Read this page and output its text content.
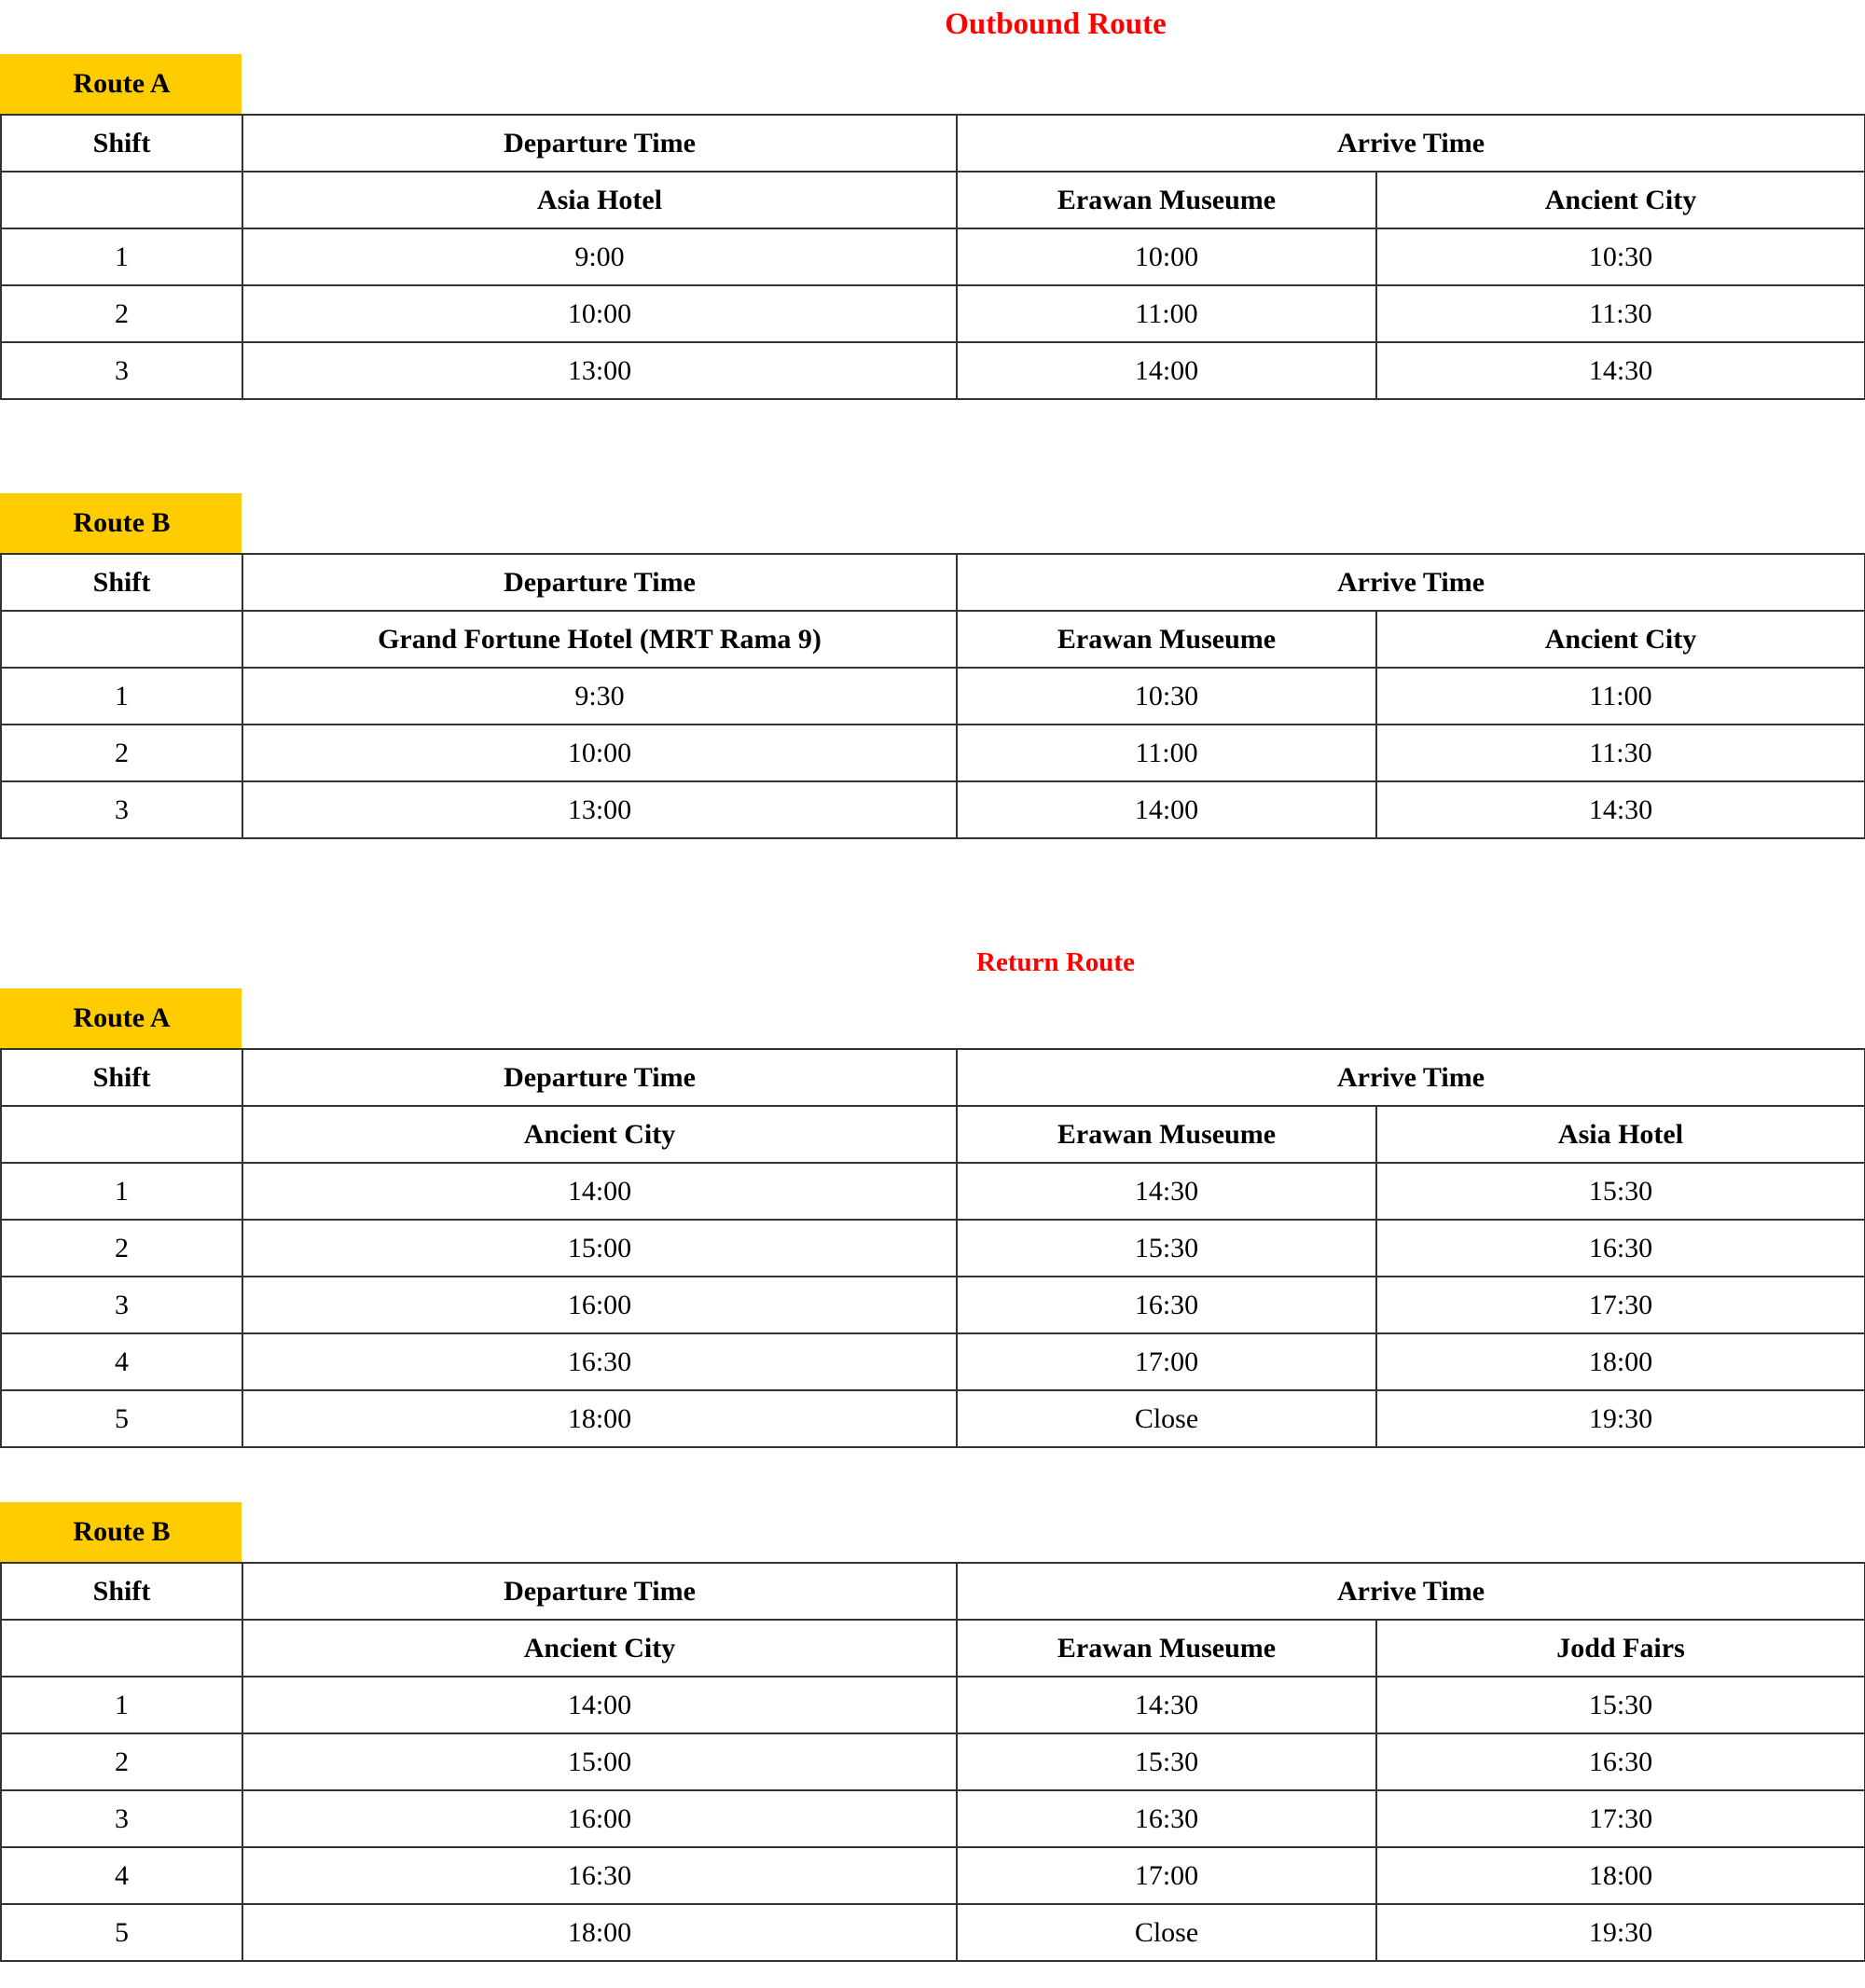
Outbound Route
Route A
Shift	Departure Time	Arrive Time	
	Asia Hotel	Erawan Museume	Ancient City
1	9:00	10:00	10:30
2	10:00	11:00	11:30
3	13:00	14:00	14:30
Route B
Shift	Departure Time	Arrive Time	
	Grand Fortune Hotel (MRT Rama 9)	Erawan Museume	Ancient City
1	9:30	10:30	11:00
2	10:00	11:00	11:30
3	13:00	14:00	14:30
Return Route
Route A
Shift	Departure Time	Arrive Time	
	Ancient City	Erawan Museume	Asia Hotel
1	14:00	14:30	15:30
2	15:00	15:30	16:30
3	16:00	16:30	17:30
4	16:30	17:00	18:00
5	18:00	Close	19:30
Route B
Shift	Departure Time	Arrive Time	
	Ancient City	Erawan Museume	Jodd Fairs
1	14:00	14:30	15:30
2	15:00	15:30	16:30
3	16:00	16:30	17:30
4	16:30	17:00	18:00
5	18:00	Close	19:30
